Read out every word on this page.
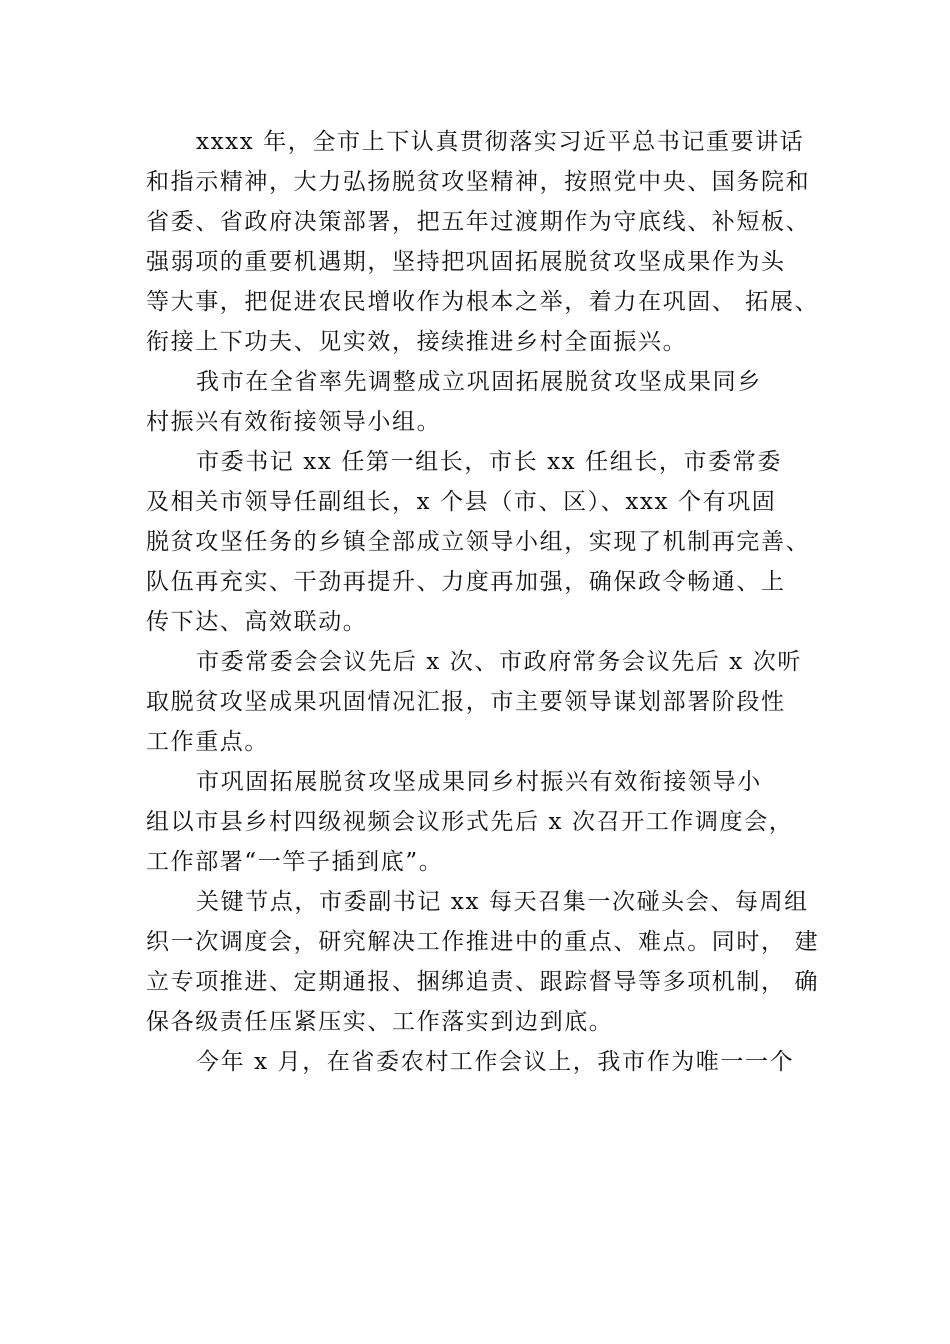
xxxx 年，全市上下认真贯彻落实习近平总书记重要讲话
和指示精神，大力弘扬脱贫攻坚精神，按照党中央、国务院和
省委、省政府决策部署，把五年过渡期作为守底线、补短板、
强弱项的重要机遇期，坚持把巩固拓展脱贫攻坚成果作为头
等大事，把促进农民增收作为根本之举，着力在巩固、 拓展、
衔接上下功夫、见实效，接续推进乡村全面振兴。

我市在全省率先调整成立巩固拓展脱贫攻坚成果同乡
村振兴有效衔接领导小组。

市委书记 xx 任第一组长，市长 xx 任组长，市委常委
及相关市领导任副组长，x 个县（市、区）、xxx 个有巩固
脱贫攻坚任务的乡镇全部成立领导小组，实现了机制再完善、
队伍再充实、干劲再提升、力度再加强，确保政令畅通、上
传下达、高效联动。

市委常委会会议先后 x 次、市政府常务会议先后 x 次听
取脱贫攻坚成果巩固情况汇报，市主要领导谋划部署阶段性
工作重点。

市巩固拓展脱贫攻坚成果同乡村振兴有效衔接领导小
组以市县乡村四级视频会议形式先后 x 次召开工作调度会，
工作部署“一竿子插到底”。

关键节点，市委副书记 xx 每天召集一次碰头会、每周组
织一次调度会，研究解决工作推进中的重点、难点。同时， 建
立专项推进、定期通报、捆绑追责、跟踪督导等多项机制， 确
保各级责任压紧压实、工作落实到边到底。

今年 x 月，在省委农村工作会议上，我市作为唯一一个
